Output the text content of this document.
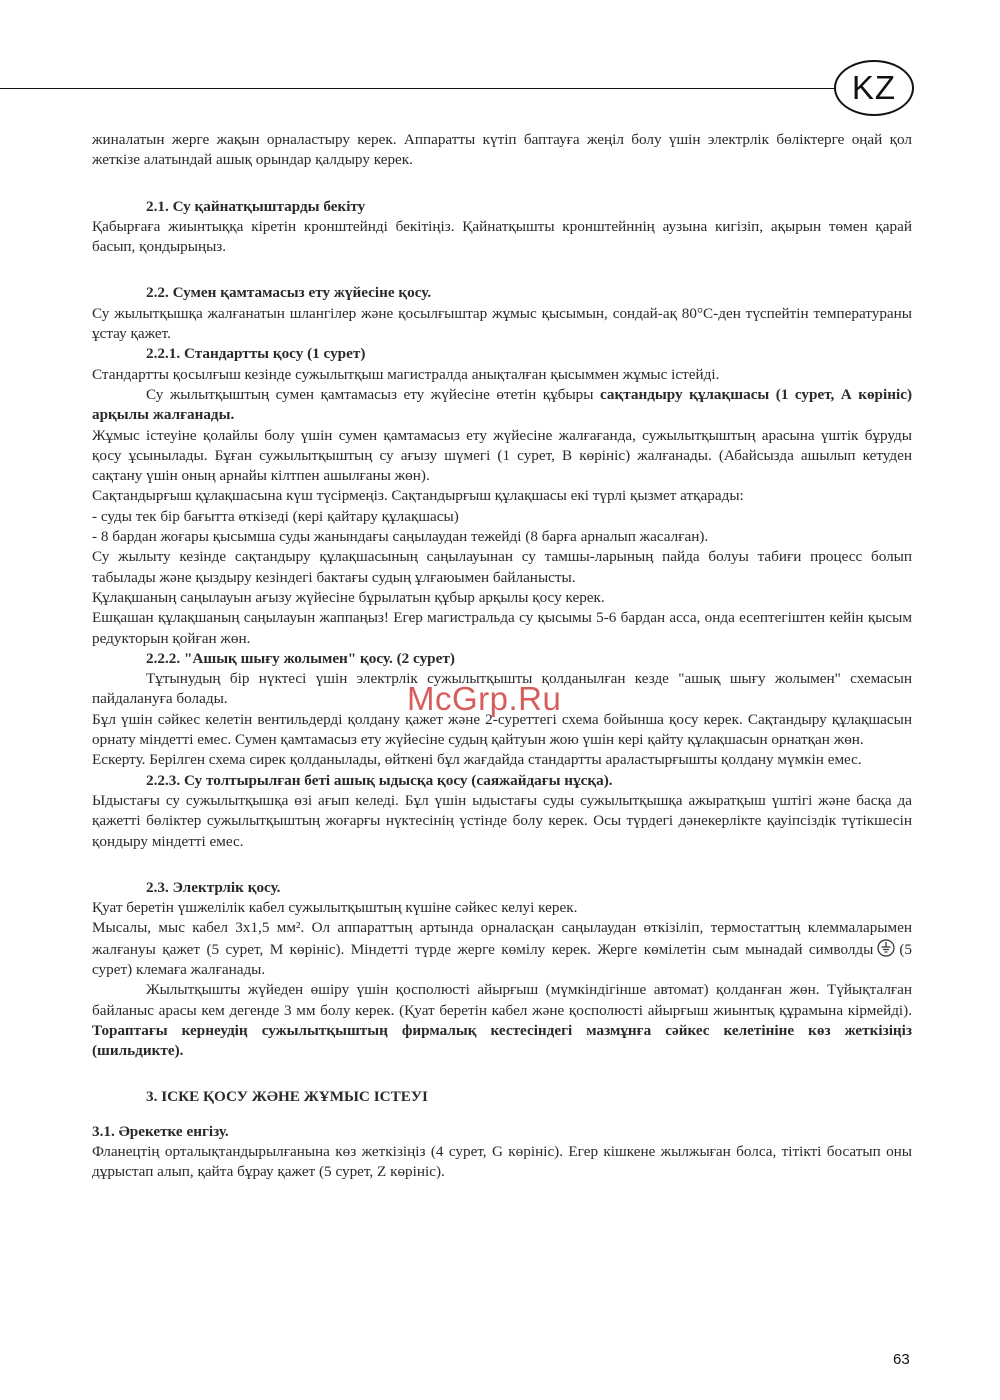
KZ

жиналатын жерге жақын орналастыру керек. Аппаратты күтіп баптауға жеңіл болу үшін электрлік бөліктерге оңай қол жеткізе алатындай ашық орындар қалдыру керек.

2.1. Су қайнатқыштарды бекіту

Қабырғаға жиынтыққа кіретін кронштейнді бекітіңіз. Қайнатқышты кронштейннің аузына кигізіп, ақырын төмен қарай басып, қондырыңыз.

2.2. Сумен қамтамасыз ету жүйесіне қосу.

Су жылытқышқа жалғанатын шлангілер және қосылғыштар жұмыс қысымын, сондай-ақ 80°С-ден түспейтін температураны ұстау қажет.

2.2.1. Стандартты қосу (1 сурет)

Стандартты қосылғыш кезінде сужылытқыш магистралда анықталған қысыммен жұмыс істейді.

Су жылытқыштың сумен қамтамасыз ету жүйесіне өтетін құбыры сақтандыру құлақшасы (1 сурет, А көрініс) арқылы жалғанады.

Жұмыс істеуіне қолайлы болу үшін сумен қамтамасыз ету жүйесіне жалғағанда, сужылытқыштың арасына үштік бұруды қосу ұсынылады. Бұған сужылытқыштың су ағызу шүмегі (1 сурет, В көрініс) жалғанады. (Абайсызда ашылып кетуден сақтану үшін оның арнайы кілтпен ашылғаны жөн).

Сақтандырғыш құлақшасына күш түсірмеңіз. Сақтандырғыш құлақшасы екі түрлі қызмет атқарады:

- суды тек бір бағытта өткізеді (кері қайтару құлақшасы)

- 8 бардан жоғары қысымша суды жанындағы саңылаудан тежейді (8 барға арналып жасалған).

Су жылыту кезінде сақтандыру құлақшасының саңылауынан су тамшы-ларының пайда болуы табиғи процесс болып табылады және қыздыру кезіндегі бактағы судың ұлғаюымен байланысты.

Құлақшаның саңылауын ағызу жүйесіне бұрылатын құбыр арқылы қосу керек.

Ешқашан құлақшаның саңылауын жаппаңыз! Егер магистральда су қысымы 5-6 бардан асса, онда есептегіштен кейін қысым редукторын қойған жөн.

2.2.2. "Ашық шығу жолымен" қосу. (2 сурет)

Тұтынудың бір нүктесі үшін электрлік сужылытқышты қолданылған кезде "ашық шығу жолымен" схемасын пайдалануға болады.

Бұл үшін сәйкес келетін вентильдерді қолдану қажет және 2-суреттегі схема бойынша қосу керек. Сақтандыру құлақшасын орнату міндетті емес. Сумен қамтамасыз ету жүйесіне судың қайтуын жою үшін кері қайту құлақшасын орнатқан жөн.

Ескерту. Берілген схема сирек қолданылады, өйткені бұл жағдайда стандартты араластырғышты қолдану мүмкін емес.

2.2.3. Су толтырылған беті ашық ыдысқа қосу (саяжайдағы нұсқа).

Ыдыстағы су сужылытқышқа өзі ағып келеді. Бұл үшін ыдыстағы суды сужылытқышқа ажыратқыш үштігі және басқа да қажетті бөліктер сужылытқыштың жоғарғы нүктесінің үстінде болу керек. Осы түрдегі дәнекерлікте қауіпсіздік түтікшесін қондыру міндетті емес.

2.3. Электрлік қосу.

Қуат беретін үшжелілік кабел сужылытқыштың күшіне сәйкес келуі керек.

Мысалы, мыс кабел 3х1,5 мм². Ол аппараттың артында орналасқан саңылаудан өткізіліп, термостаттың клеммаларымен жалғануы қажет (5 сурет, М көрініс). Міндетті түрде жерге көмілу керек. Жерге көмілетін сым мынадай символды (5 сурет) клемаға жалғанады.

Жылытқышты жүйеден өшіру үшін қосполюсті айырғыш (мүмкіндігінше автомат) қолданған жөн. Түйықталған байланыс арасы кем дегенде 3 мм болу керек. (Қуат беретін кабел және қосполюсті айырғыш жиынтық құрамына кірмейді). Тораптағы кернеудің сужылытқыштың фирмалық кестесіндегі мазмұнға сәйкес келетініне көз жеткізіңіз (шильдикте).

3. ІСКЕ ҚОСУ ЖӘНЕ ЖҰМЫС ІСТЕУІ

3.1. Әрекетке енгізу.

Фланецтің орталықтандырылғанына көз жеткізіңіз (4 сурет, G көрініс). Егер кішкене жылжыған болса, тітікті босатып оны дұрыстап алып, қайта бұрау қажет (5 сурет, Z көрініс).

McGrp.Ru
63
